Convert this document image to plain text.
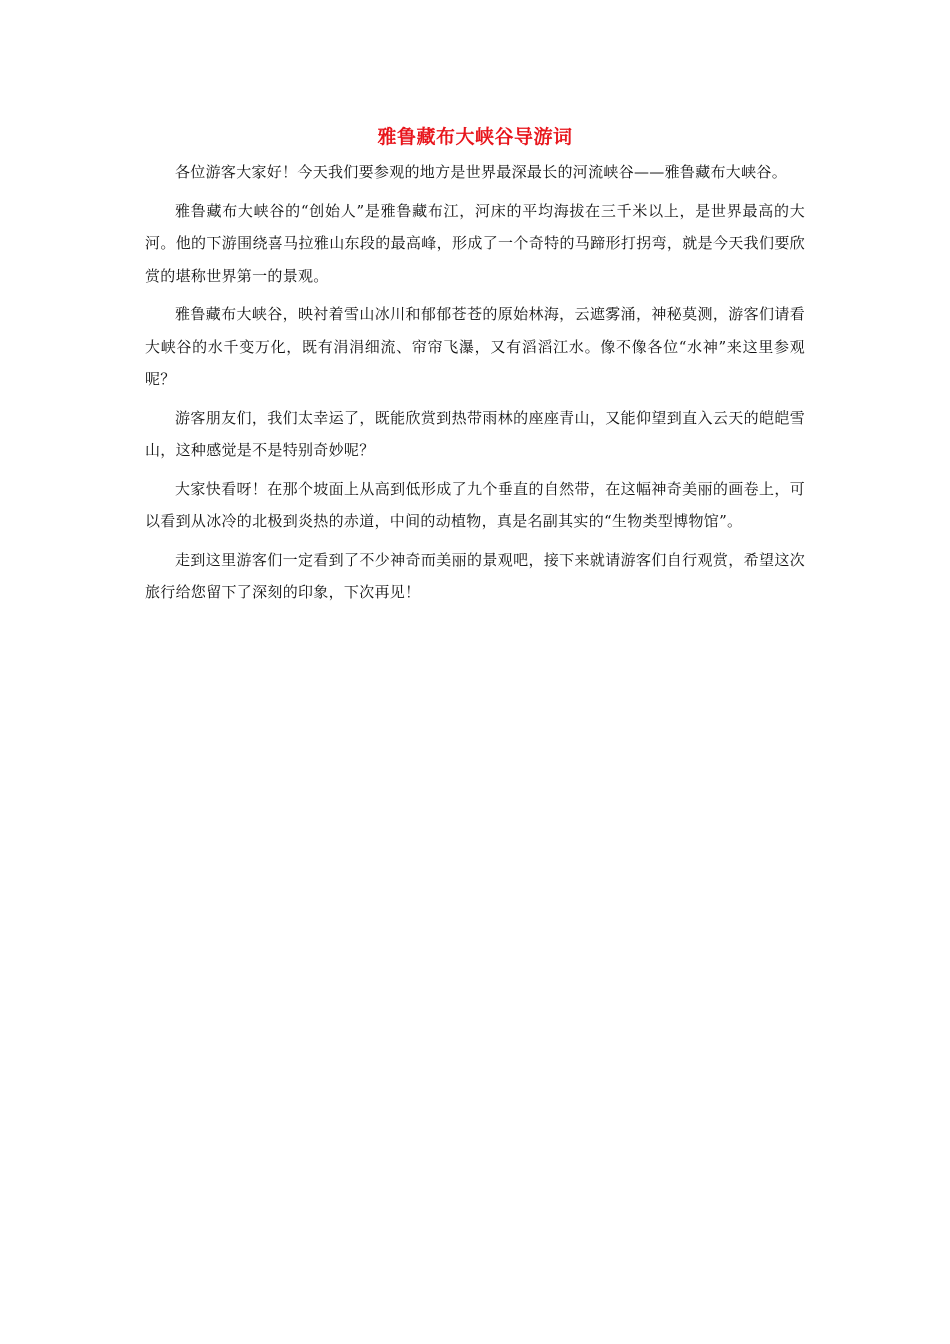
雅鲁藏布大峡谷导游词

各位游客大家好！今天我们要参观的地方是世界最深最长的河流峡谷——雅鲁藏布大峡谷。

雅鲁藏布大峡谷的“创始人”是雅鲁藏布江，河床的平均海拔在三千米以上，是世界最高的大河。他的下游围绕喜马拉雅山东段的最高峰，形成了一个奇特的马蹄形打拐弯，就是今天我们要欣赏的堪称世界第一的景观。

雅鲁藏布大峡谷，映衬着雪山冰川和郁郁苍苍的原始林海，云遮雾涌，神秘莫测，游客们请看大峡谷的水千变万化，既有涓涓细流、帘帘飞瀑，又有滔滔江水。像不像各位“水神”来这里参观呢？

游客朋友们，我们太幸运了，既能欣赏到热带雨林的座座青山，又能仰望到直入云天的皑皑雪山，这种感觉是不是特别奇妙呢？

大家快看呀！在那个坡面上从高到低形成了九个垂直的自然带，在这幅神奇美丽的画卷上，可以看到从冰冷的北极到炎热的赤道，中间的动植物，真是名副其实的“生物类型博物馆”。

走到这里游客们一定看到了不少神奇而美丽的景观吧，接下来就请游客们自行观赏，希望这次旅行给您留下了深刻的印象，下次再见！
